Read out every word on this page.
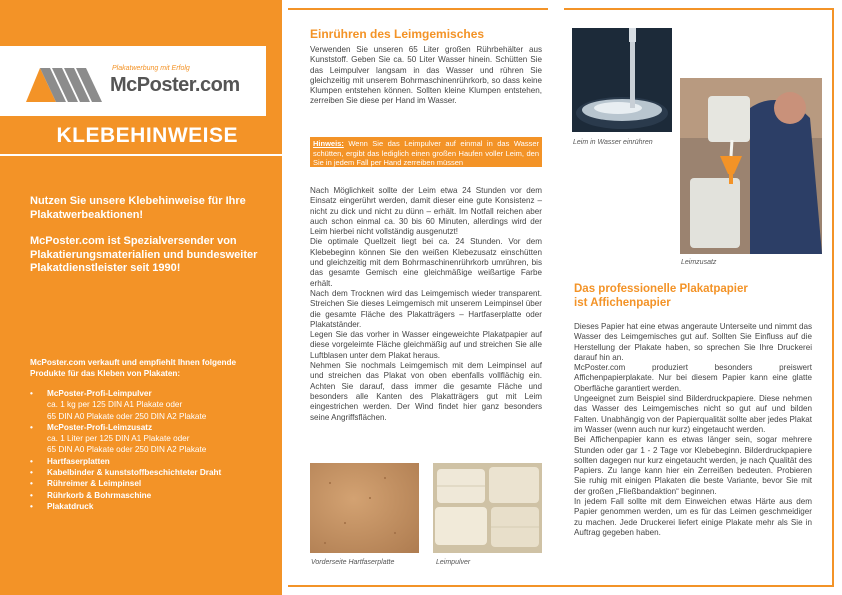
Plakatwerbung mit Erfolg
McPoster.com
KLEBEHINWEISE

Nutzen Sie unsere Klebehinweise für Ihre Plakatwerbeaktionen!

McPoster.com ist Spezialversender von Plakatierungsmaterialien und bundesweiter Plakatdienstleister seit 1990!

McPoster.com verkauft und empfiehlt Ihnen folgende Produkte für das Kleben von Plakaten:
• McPoster-Profi-Leimpulver
ca. 1 kg per 125 DIN A1 Plakate oder
65 DIN A0 Plakate oder 250 DIN A2 Plakate
• McPoster-Profi-Leimzusatz
ca. 1 Liter per 125 DIN A1 Plakate oder
65 DIN A0 Plakate oder 250 DIN A2 Plakate
• Hartfaserplatten
• Kabelbinder & kunststoffbeschichteter Draht
• Rühreimer & Leimpinsel
• Rührkorb & Bohrmaschine
• Plakatdruck
Einrühren des Leimgemisches
Verwenden Sie unseren 65 Liter großen Rührbehälter aus Kunststoff. Geben Sie ca. 50 Liter Wasser hinein. Schütten Sie das Leimpulver langsam in das Wasser und rühren Sie gleichzeitig mit unserem Bohrmaschinenrührkorb, so dass keine Klumpen entstehen können. Sollten kleine Klumpen entstehen, zerreiben Sie diese per Hand im Wasser.
Hinweis: Wenn Sie das Leimpulver auf einmal in das Wasser schütten, ergibt das lediglich einen großen Haufen voller Leim, den Sie in jedem Fall per Hand zerreiben müssen
Nach Möglichkeit sollte der Leim etwa 24 Stunden vor dem Einsatz eingerührt werden, damit dieser eine gute Konsistenz – nicht zu dick und nicht zu dünn – erhält. Im Notfall reichen aber auch schon einmal ca. 30 bis 60 Minuten, allerdings wird der Leim hierbei nicht vollständig ausgenutzt!
Die optimale Quellzeit liegt bei ca. 24 Stunden. Vor dem Klebebeginn können Sie den weißen Klebezusatz einschütten und gleichzeitig mit dem Bohrmaschinenrührkorb umrühren, bis das gesamte Gemisch eine gleichmäßige weißartige Farbe erhält.
Nach dem Trocknen wird das Leimgemisch wieder transparent. Streichen Sie dieses Leimgemisch mit unserem Leimpinsel über die gesamte Fläche des Plakatträgers – Hartfaserplatte oder Plakatständer.
Legen Sie das vorher in Wasser eingeweichte Plakatpapier auf diese vorgeleimte Fläche gleichmäßig auf und streichen Sie alle Luftblasen unter dem Plakat heraus.
Nehmen Sie nochmals Leimgemisch mit dem Leimpinsel auf und streichen das Plakat von oben ebenfalls vollflächig ein. Achten Sie darauf, dass immer die gesamte Fläche und besonders alle Kanten des Plakatträgers gut mit Leim eingestrichen werden. Der Wind findet hier ganz besonders seine Angriffsflächen.
Vorderseite Hartfaserplatte	Leimpulver
Leim in Wasser einrühren
Leimzusatz
Das professionelle Plakatpapier
ist Affichenpapier
Dieses Papier hat eine etwas angeraute Unterseite und nimmt das Wasser des Leimgemisches gut auf. Sollten Sie Einfluss auf die Herstellung der Plakate haben, so sprechen Sie Ihre Druckerei darauf hin an.
McPoster.com produziert besonders preiswert Affichenpapierplakate. Nur bei diesem Papier kann eine glatte Oberfläche garantiert werden.
Ungeeignet zum Beispiel sind Bilderdruckpapiere. Diese nehmen das Wasser des Leimgemisches nicht so gut auf und bilden Falten. Unabhängig von der Papierqualität sollte aber jedes Plakat im Wasser (wenn auch nur kurz) eingetaucht werden.
Bei Affichenpapier kann es etwas länger sein, sogar mehrere Stunden oder gar 1 - 2 Tage vor Klebebeginn. Bilderdruckpapiere sollten dagegen nur kurz eingetaucht werden, je nach Qualität des Papiers. Zu lange kann hier ein Zerreißen bedeuten. Probieren Sie ruhig mit einigen Plakaten die beste Variante, bevor Sie mit der großen „Fließbandaktion“ beginnen.
In jedem Fall sollte mit dem Einweichen etwas Härte aus dem Papier genommen werden, um es für das Leimen geschmeidiger zu machen. Jede Druckerei liefert einige Plakate mehr als Sie in Auftrag gegeben haben.
